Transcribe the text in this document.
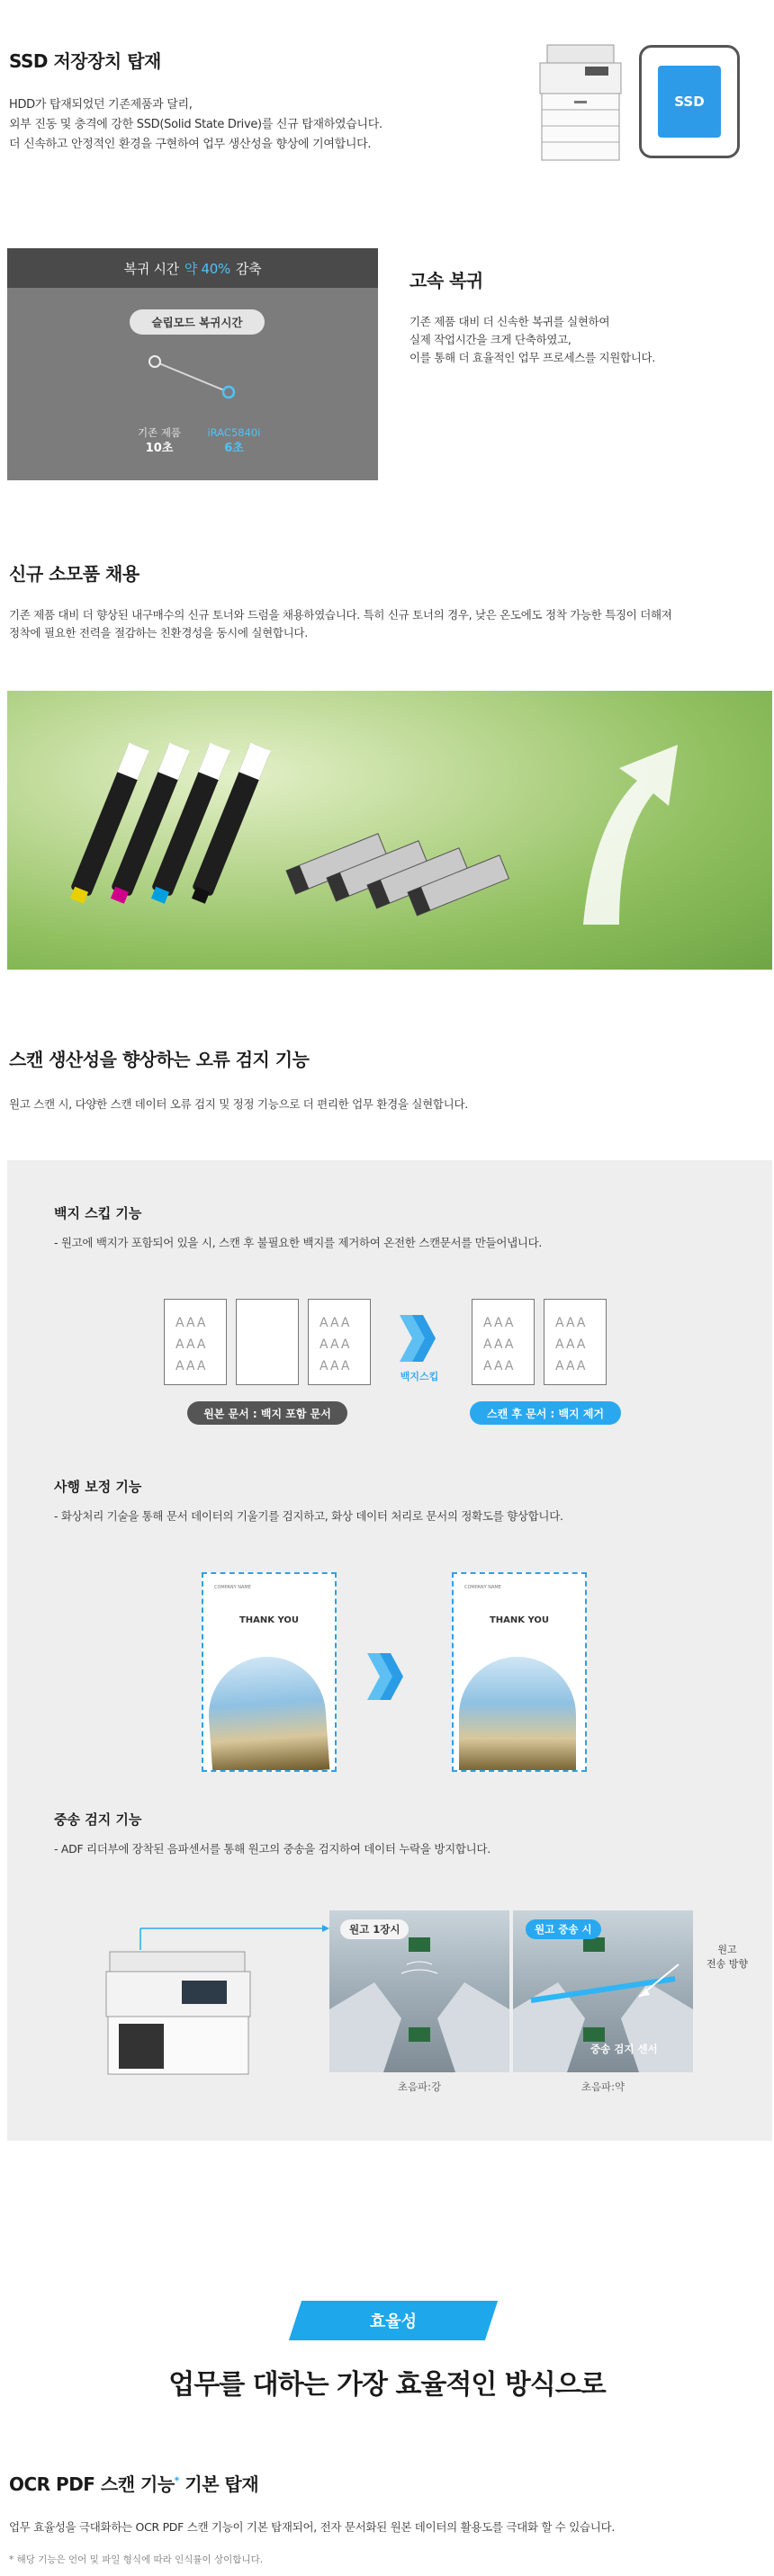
SSD 저장장치 탑재
HDD가 탑재되었던 기존제품과 달리,
외부 진동 및 충격에 강한 SSD(Solid State Drive)를 신규 탑재하였습니다.
더 신속하고 안정적인 환경을 구현하여 업무 생산성을 향상에 기여합니다.
SSD
복귀 시간 약 40% 감축
슬립모드 복귀시간
기존 제품
10초
iRAC5840i
6초
고속 복귀
기존 제품 대비 더 신속한 복귀를 실현하여
실제 작업시간을 크게 단축하였고,
이를 통해 더 효율적인 업무 프로세스를 지원합니다.
신규 소모품 채용
기존 제품 대비 더 향상된 내구매수의 신규 토너와 드럼을 채용하였습니다. 특히 신규 토너의 경우, 낮은 온도에도 정착 가능한 특징이 더해져
정착에 필요한 전력을 절감하는 친환경성을 동시에 실현합니다.
스캔 생산성을 향상하는 오류 검지 기능
원고 스캔 시, 다양한 스캔 데이터 오류 검지 및 정정 기능으로 더 편리한 업무 환경을 실현합니다.
백지 스킵 기능
- 원고에 백지가 포함되어 있을 시, 스캔 후 불필요한 백지를 제거하여 온전한 스캔문서를 만들어냅니다.
AAA
AAA
AAA
AAA
AAA
AAA
백지스킵
AAA
AAA
AAA
AAA
AAA
AAA
원본 문서 : 백지 포함 문서	스캔 후 문서 : 백지 제거
사행 보정 기능
- 화상처리 기술을 통해 문서 데이터의 기울기를 검지하고, 화상 데이터 처리로 문서의 정확도를 향상합니다.
COMPANY NAME
THANK YOU
COMPANY NAME
THANK YOU
중송 검지 기능
- ADF 리더부에 장착된 음파센서를 통해 원고의 중송을 검지하여 데이터 누락을 방지합니다.
원고 1장시	원고 중송 시
중송 검지 센서
원고
전송 방향
초음파:강	초음파:약
효율성
업무를 대하는 가장 효율적인 방식으로
OCR PDF 스캔 기능* 기본 탑재
업무 효율성을 극대화하는 OCR PDF 스캔 기능이 기본 탑재되어, 전자 문서화된 원본 데이터의 활용도를 극대화 할 수 있습니다.
* 해당 기능은 언어 및 파일 형식에 따라 인식률이 상이합니다.
